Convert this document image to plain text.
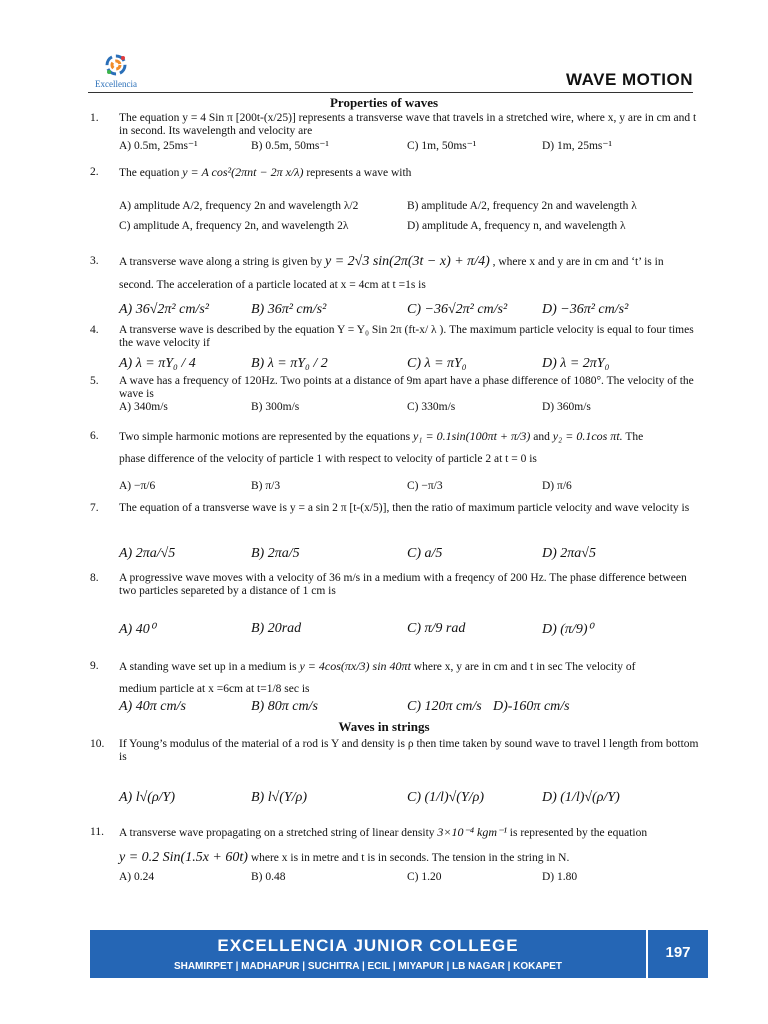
Excellencia	WAVE MOTION
Properties of waves
1. The equation y = 4 Sin π [200t-(x/25)] represents a transverse wave that travels in a stretched wire, where x, y are in cm and t in second. Its wavelength and velocity are
A) 0.5m, 25ms⁻¹	B) 0.5m, 50ms⁻¹	C) 1m, 50ms⁻¹	D) 1m, 25ms⁻¹
2. The equation y = A cos²(2πnt − 2π x/λ) represents a wave with
A) amplitude A/2, frequency 2n and wavelength λ/2	B) amplitude A/2, frequency 2n and wavelength λ
C) amplitude A, frequency 2n, and wavelength 2λ	D) amplitude A, frequency n, and wavelength λ
3. A transverse wave along a string is given by y = 2√3 sin(2π(3t − x) + π/4) , where x and y are in cm and ‘t’ is in
second. The acceleration of a particle located at x = 4cm at t =1s is
A) 36√2π² cm/s²	B) 36π² cm/s²	C) −36√2π² cm/s² D) −36π² cm/s²
4. A transverse wave is described by the equation Y = Y₀ Sin 2π (ft-x/ λ ). The maximum particle velocity is equal to four times the wave velocity if
A) λ = πY₀ / 4	B) λ = πY₀ / 2	C) λ = πY₀	D) λ = 2πY₀
5. A wave has a frequency of 120Hz. Two points at a distance of 9m apart have a phase difference of 1080°. The velocity of the wave is
A) 340m/s	B) 300m/s	C) 330m/s	D) 360m/s
6. Two simple harmonic motions are represented by the equations y₁ = 0.1sin(100πt + π/3) and y₂ = 0.1cos πt. The
phase difference of the velocity of particle 1 with respect to velocity of particle 2 at t = 0 is
A) −π/6	B) π/3	C) −π/3	D) π/6
7. The equation of a transverse wave is y = a sin 2 π [t-(x/5)], then the ratio of maximum particle velocity and wave velocity is
A) 2πa/√5	B) 2πa/5	C) a/5	D) 2πa√5
8. A progressive wave moves with a velocity of 36 m/s in a medium with a freqency of 200 Hz. The phase difference between two particles separeted by a distance of 1 cm is
A) 40⁰	B) 20rad	C) π/9 rad	D) (π/9)⁰
9. A standing wave set up in a medium is y = 4cos(πx/3) sin 40πt where x, y are in cm and t in sec The velocity of
medium particle at x =6cm at t=1/8 sec is
A) 40π cm/s	B) 80π cm/s	C) 120π cm/s D)-160π cm/s
Waves in strings
10. If Young’s modulus of the material of a rod is Y and density is ρ then time taken by sound wave to travel l length from bottom is
A) l√(ρ/Y)	B) l√(Y/ρ)	C) (1/l)√(Y/ρ)	D) (1/l)√(ρ/Y)
11. A transverse wave propagating on a stretched string of linear density 3×10⁻⁴ kgm⁻¹ is represented by the equation
y = 0.2 Sin(1.5x + 60t) where x is in metre and t is in seconds. The tension in the string in N.
A) 0.24	B) 0.48	C) 1.20	D) 1.80
EXCELLENCIA JUNIOR COLLEGE
SHAMIRPET | MADHAPUR | SUCHITRA | ECIL | MIYAPUR | LB NAGAR | KOKAPET
197
